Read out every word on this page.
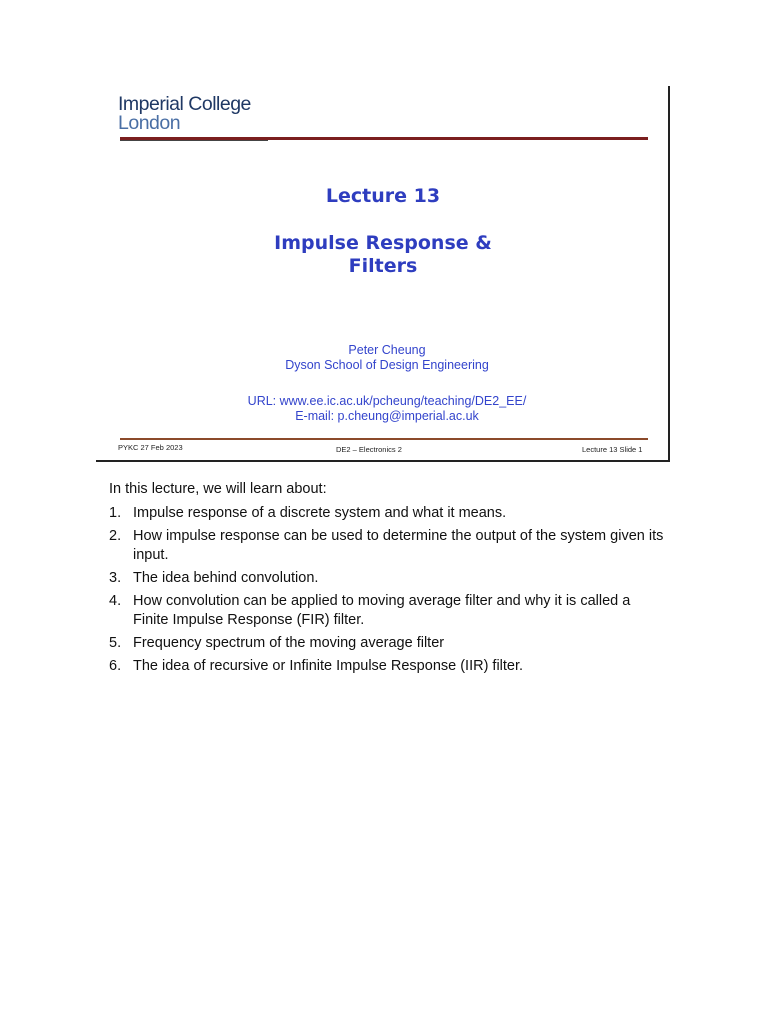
Imperial College
London
Lecture 13
Impulse Response &
Filters
Peter Cheung
Dyson School of Design Engineering
URL: www.ee.ic.ac.uk/pcheung/teaching/DE2_EE/
E-mail: p.cheung@imperial.ac.uk
PYKC 27 Feb 2023	DE2 – Electronics 2	Lecture 13 Slide 1

In this lecture, we will learn about:

1. Impulse response of a discrete system and what it means.
2. How impulse response can be used to determine the output of the system given its input.
3. The idea behind convolution.
4. How convolution can be applied to moving average filter and why it is called a Finite Impulse Response (FIR) filter.
5. Frequency spectrum of the moving average filter
6. The idea of recursive or Infinite Impulse Response (IIR) filter.
